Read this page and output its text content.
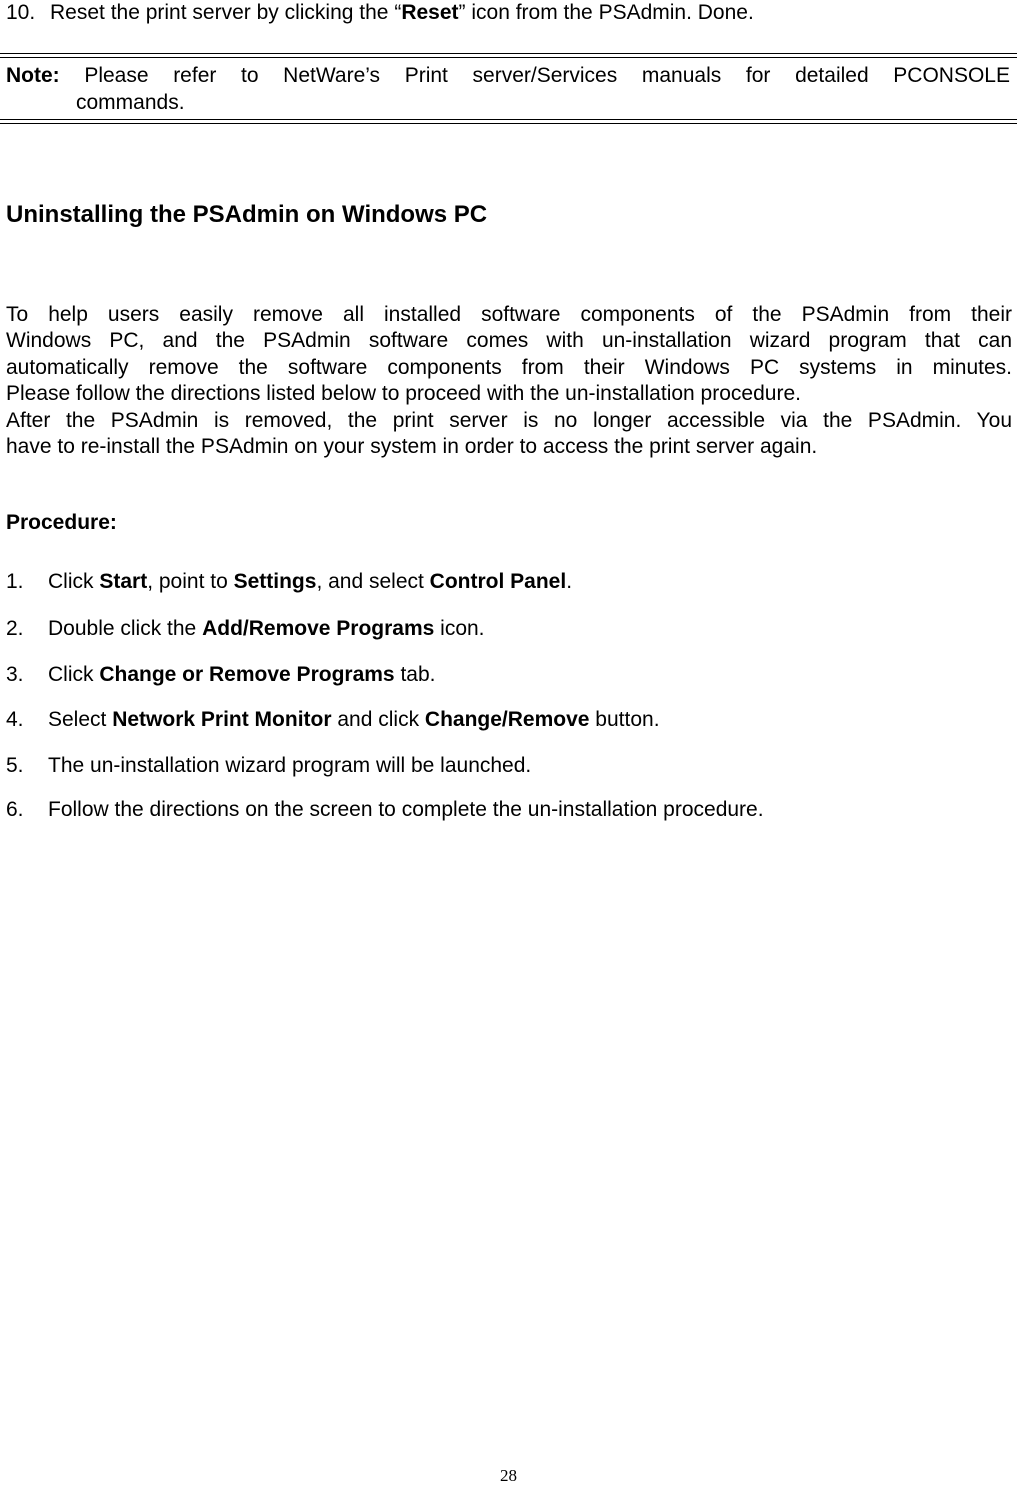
10. Reset the print server by clicking the “Reset” icon from the PSAdmin. Done.
Note: Please refer to NetWare’s Print server/Services manuals for detailed PCONSOLE
commands.
Uninstalling the PSAdmin on Windows PC
To help users easily remove all installed software components of the PSAdmin from their
Windows PC, and the PSAdmin software comes with un-installation wizard program that can
automatically remove the software components from their Windows PC systems in minutes.
Please follow the directions listed below to proceed with the un-installation procedure.
After the PSAdmin is removed, the print server is no longer accessible via the PSAdmin. You
have to re-install the PSAdmin on your system in order to access the print server again.
Procedure:
1. Click Start, point to Settings, and select Control Panel.
2. Double click the Add/Remove Programs icon.
3. Click Change or Remove Programs tab.
4. Select Network Print Monitor and click Change/Remove button.
5. The un-installation wizard program will be launched.
6. Follow the directions on the screen to complete the un-installation procedure.
28
